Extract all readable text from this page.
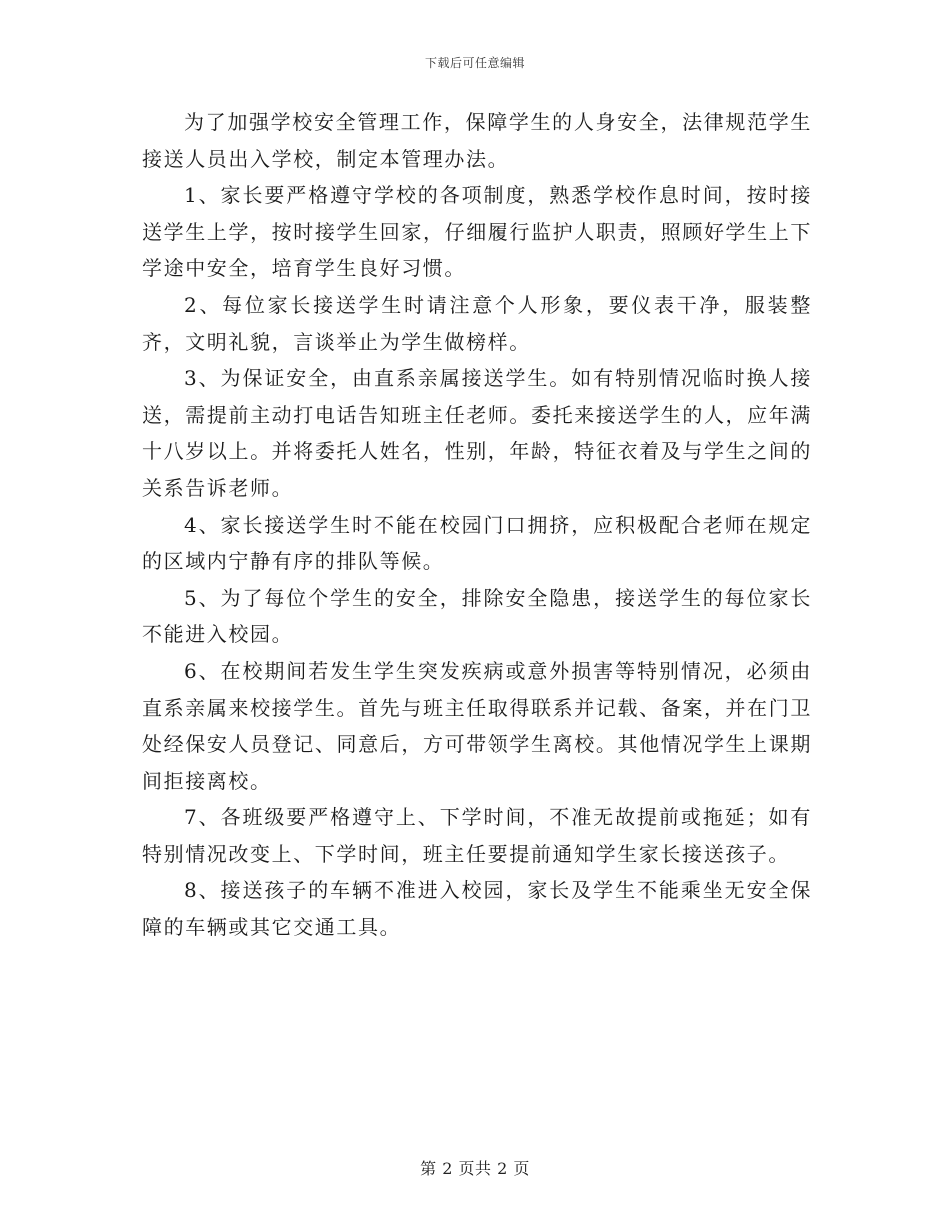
下载后可任意编辑

为了加强学校安全管理工作，保障学生的人身安全，法律规范学生接送人员出入学校，制定本管理办法。

1、家长要严格遵守学校的各项制度，熟悉学校作息时间，按时接送学生上学，按时接学生回家，仔细履行监护人职责，照顾好学生上下学途中安全，培育学生良好习惯。

2、每位家长接送学生时请注意个人形象，要仪表干净，服装整齐，文明礼貌，言谈举止为学生做榜样。

3、为保证安全，由直系亲属接送学生。如有特别情况临时换人接送，需提前主动打电话告知班主任老师。委托来接送学生的人，应年满十八岁以上。并将委托人姓名，性别，年龄，特征衣着及与学生之间的关系告诉老师。

4、家长接送学生时不能在校园门口拥挤，应积极配合老师在规定的区域内宁静有序的排队等候。

5、为了每位个学生的安全，排除安全隐患，接送学生的每位家长不能进入校园。

6、在校期间若发生学生突发疾病或意外损害等特别情况，必须由直系亲属来校接学生。首先与班主任取得联系并记载、备案，并在门卫处经保安人员登记、同意后，方可带领学生离校。其他情况学生上课期间拒接离校。

7、各班级要严格遵守上、下学时间，不准无故提前或拖延；如有特别情况改变上、下学时间，班主任要提前通知学生家长接送孩子。

8、接送孩子的车辆不准进入校园，家长及学生不能乘坐无安全保障的车辆或其它交通工具。

第 2 页共 2 页
